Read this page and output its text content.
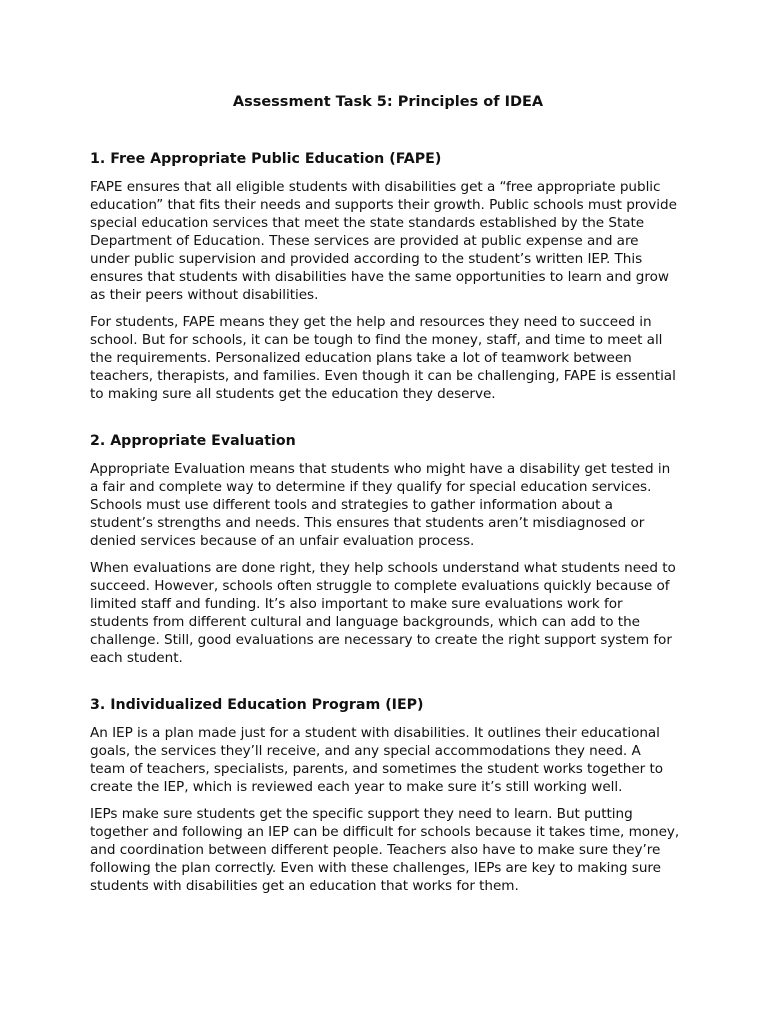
Assessment Task 5: Principles of IDEA
1. Free Appropriate Public Education (FAPE)

FAPE ensures that all eligible students with disabilities get a “free appropriate public education” that fits their needs and supports their growth. Public schools must provide special education services that meet the state standards established by the State Department of Education. These services are provided at public expense and are under public supervision and provided according to the student’s written IEP. This ensures that students with disabilities have the same opportunities to learn and grow as their peers without disabilities.

For students, FAPE means they get the help and resources they need to succeed in school. But for schools, it can be tough to find the money, staff, and time to meet all the requirements. Personalized education plans take a lot of teamwork between teachers, therapists, and families. Even though it can be challenging, FAPE is essential to making sure all students get the education they deserve.

2. Appropriate Evaluation

Appropriate Evaluation means that students who might have a disability get tested in a fair and complete way to determine if they qualify for special education services. Schools must use different tools and strategies to gather information about a student’s strengths and needs. This ensures that students aren’t misdiagnosed or denied services because of an unfair evaluation process.

When evaluations are done right, they help schools understand what students need to succeed. However, schools often struggle to complete evaluations quickly because of limited staff and funding. It’s also important to make sure evaluations work for students from different cultural and language backgrounds, which can add to the challenge. Still, good evaluations are necessary to create the right support system for each student.

3. Individualized Education Program (IEP)

An IEP is a plan made just for a student with disabilities. It outlines their educational goals, the services they’ll receive, and any special accommodations they need. A team of teachers, specialists, parents, and sometimes the student works together to create the IEP, which is reviewed each year to make sure it’s still working well.

IEPs make sure students get the specific support they need to learn. But putting together and following an IEP can be difficult for schools because it takes time, money, and coordination between different people. Teachers also have to make sure they’re following the plan correctly. Even with these challenges, IEPs are key to making sure students with disabilities get an education that works for them.
